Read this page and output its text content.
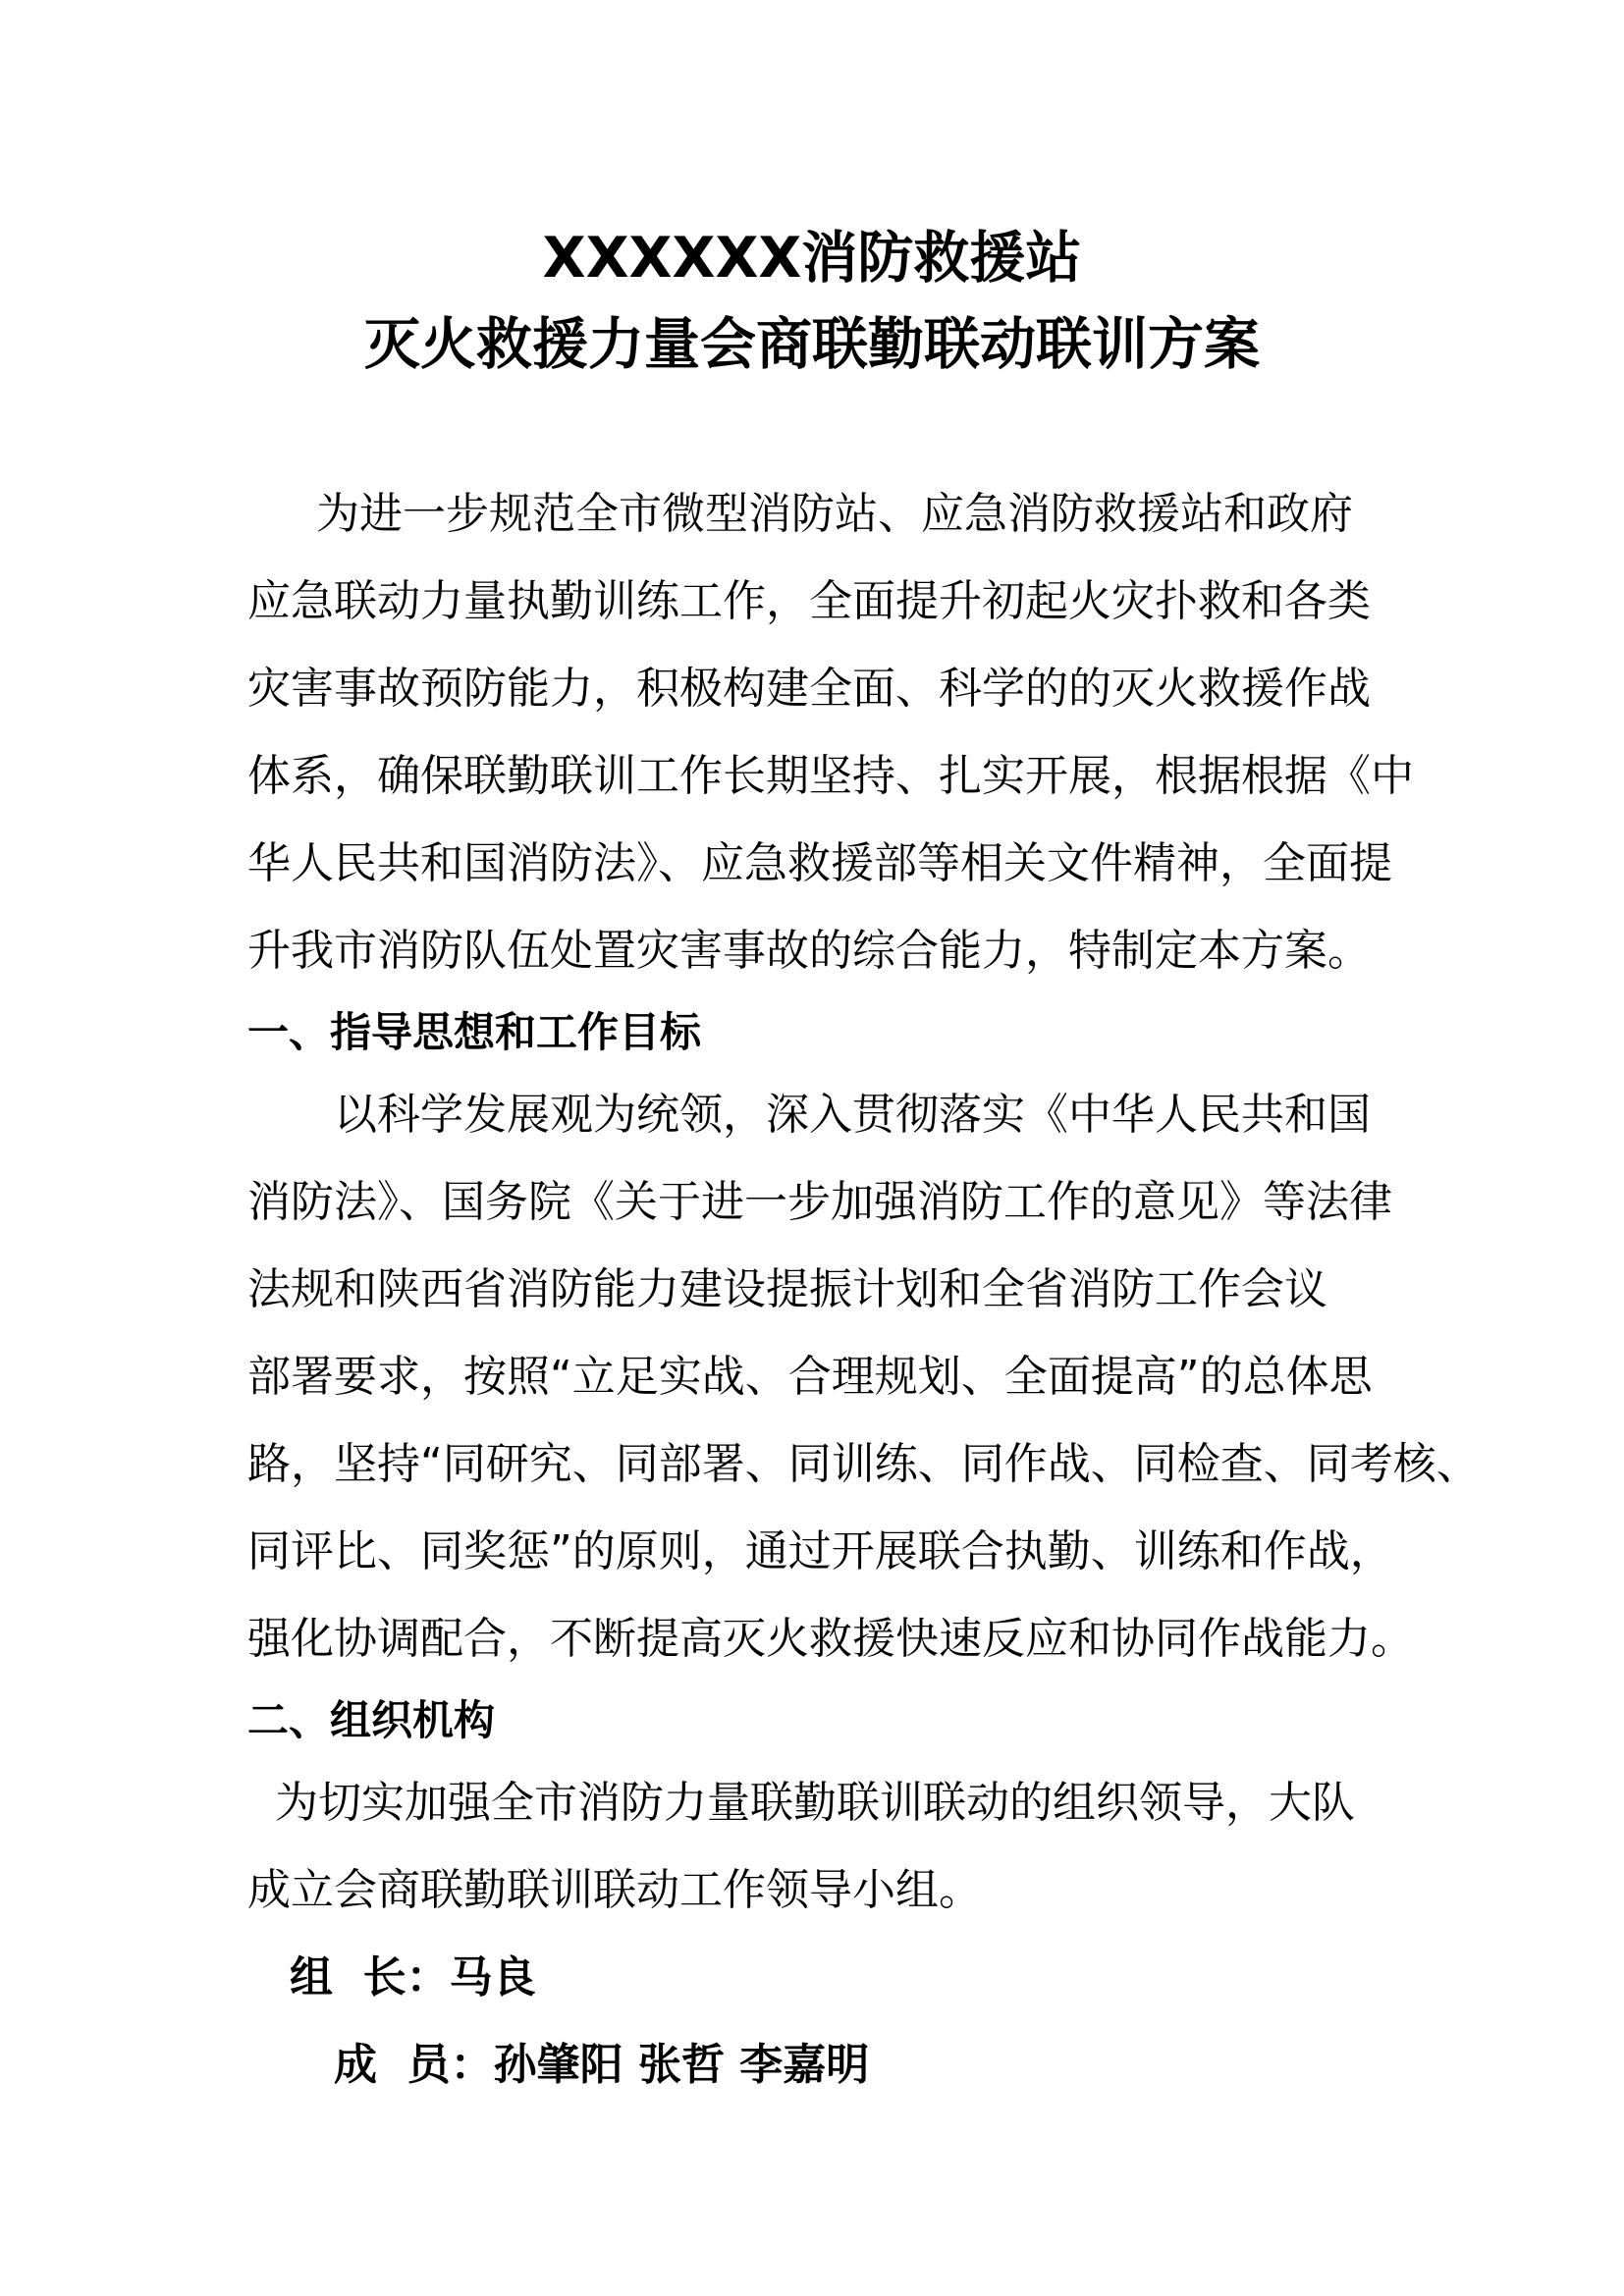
XXXXXX消防救援站
灭火救援力量会商联勤联动联训方案
为进一步规范全市微型消防站、应急消防救援站和政府
应急联动力量执勤训练工作，全面提升初起火灾扑救和各类
灾害事故预防能力，积极构建全面、科学的的灭火救援作战
体系，确保联勤联训工作长期坚持、扎实开展，根据根据《中
华人民共和国消防法》、应急救援部等相关文件精神，全面提
升我市消防队伍处置灾害事故的综合能力，特制定本方案。
一、指导思想和工作目标
以科学发展观为统领，深入贯彻落实《中华人民共和国
消防法》、国务院《关于进一步加强消防工作的意见》等法律
法规和陕西省消防能力建设提振计划和全省消防工作会议
部署要求，按照“立足实战、合理规划、全面提高”的总体思
路，坚持“同研究、同部署、同训练、同作战、同检查、同考核、
同评比、同奖惩”的原则，通过开展联合执勤、训练和作战，
强化协调配合，不断提高灭火救援快速反应和协同作战能力。
二、组织机构
为切实加强全市消防力量联勤联训联动的组织领导，大队
成立会商联勤联训联动工作领导小组。
组  长：马良
成  员：孙肇阳 张哲 李嘉明
